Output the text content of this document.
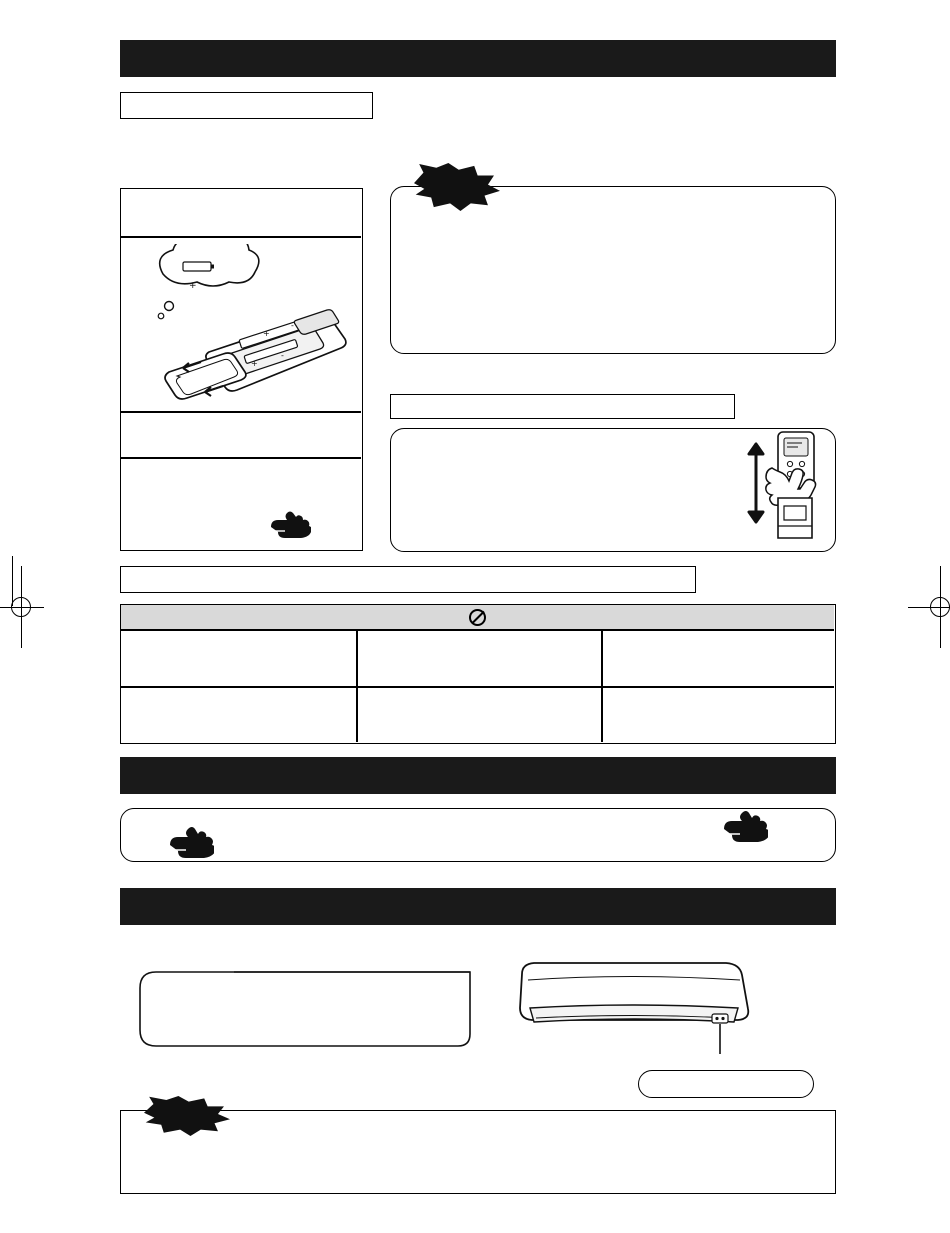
+ -
+
-
+
-
